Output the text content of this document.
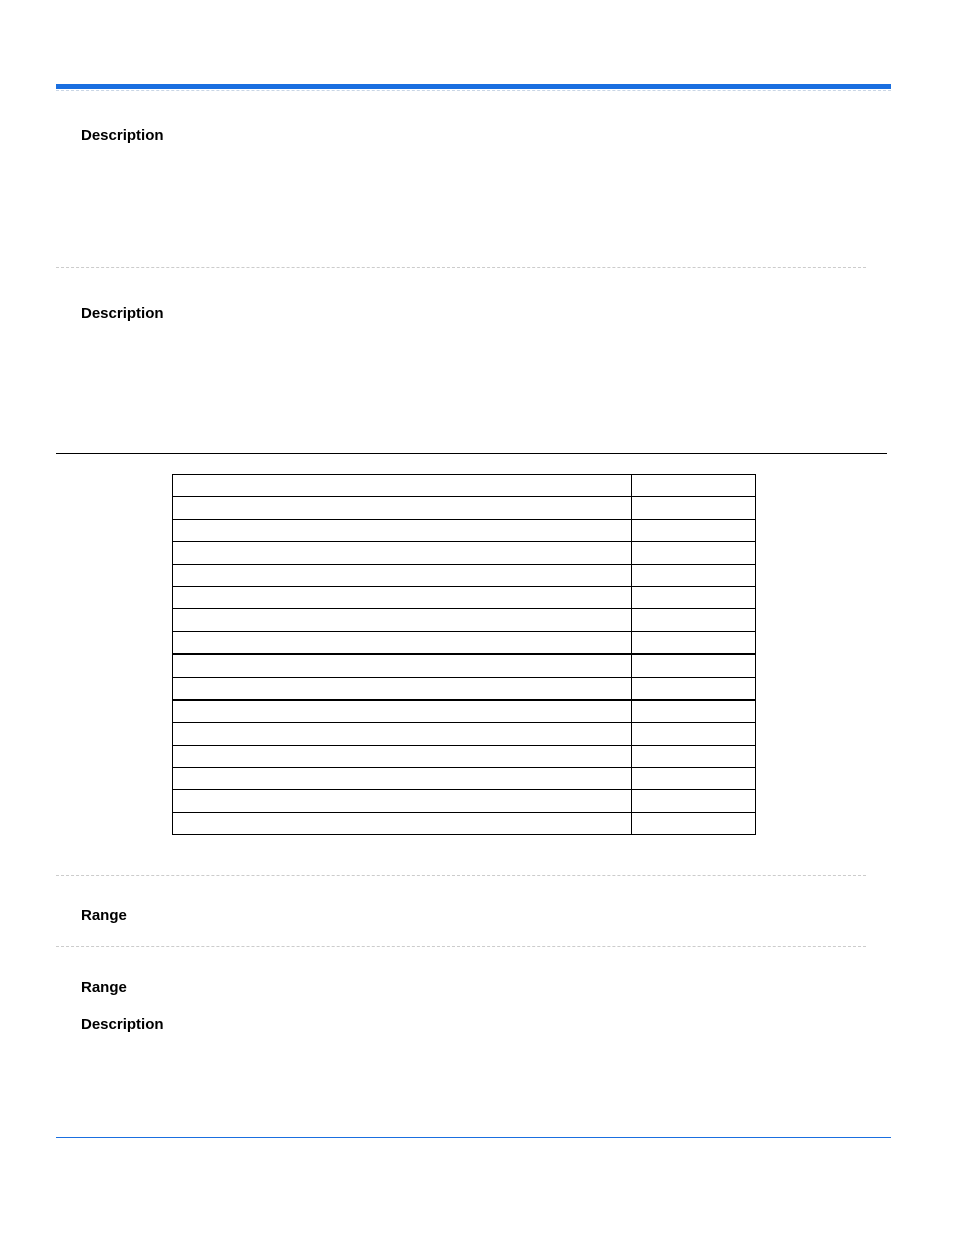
Description
Description

Range
Range
Description
